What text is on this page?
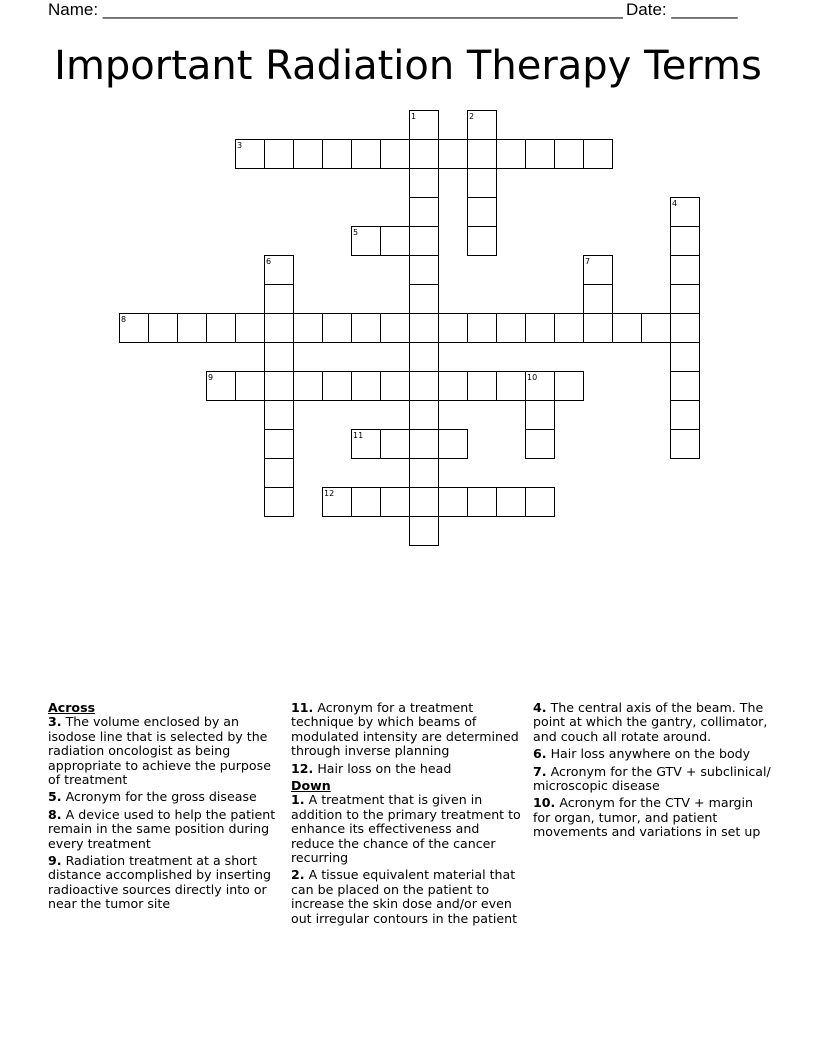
Name: _______________________________________________________ Date: _______
Important Radiation Therapy Terms
1	2
3
4
5
6	7
8
9	10
11
12
Across
3. The volume enclosed by an isodose line that is selected by the radiation oncologist as being appropriate to achieve the purpose of treatment
5. Acronym for the gross disease
8. A device used to help the patient remain in the same position during every treatment
9. Radiation treatment at a short distance accomplished by inserting radioactive sources directly into or near the tumor site
11. Acronym for a treatment technique by which beams of modulated intensity are determined through inverse planning
12. Hair loss on the head
Down
1. A treatment that is given in addition to the primary treatment to enhance its effectiveness and reduce the chance of the cancer recurring
2. A tissue equivalent material that can be placed on the patient to increase the skin dose and/or even out irregular contours in the patient
4. The central axis of the beam. The point at which the gantry, collimator, and couch all rotate around.
6. Hair loss anywhere on the body
7. Acronym for the GTV + subclinical/ microscopic disease
10. Acronym for the CTV + margin for organ, tumor, and patient movements and variations in set up
